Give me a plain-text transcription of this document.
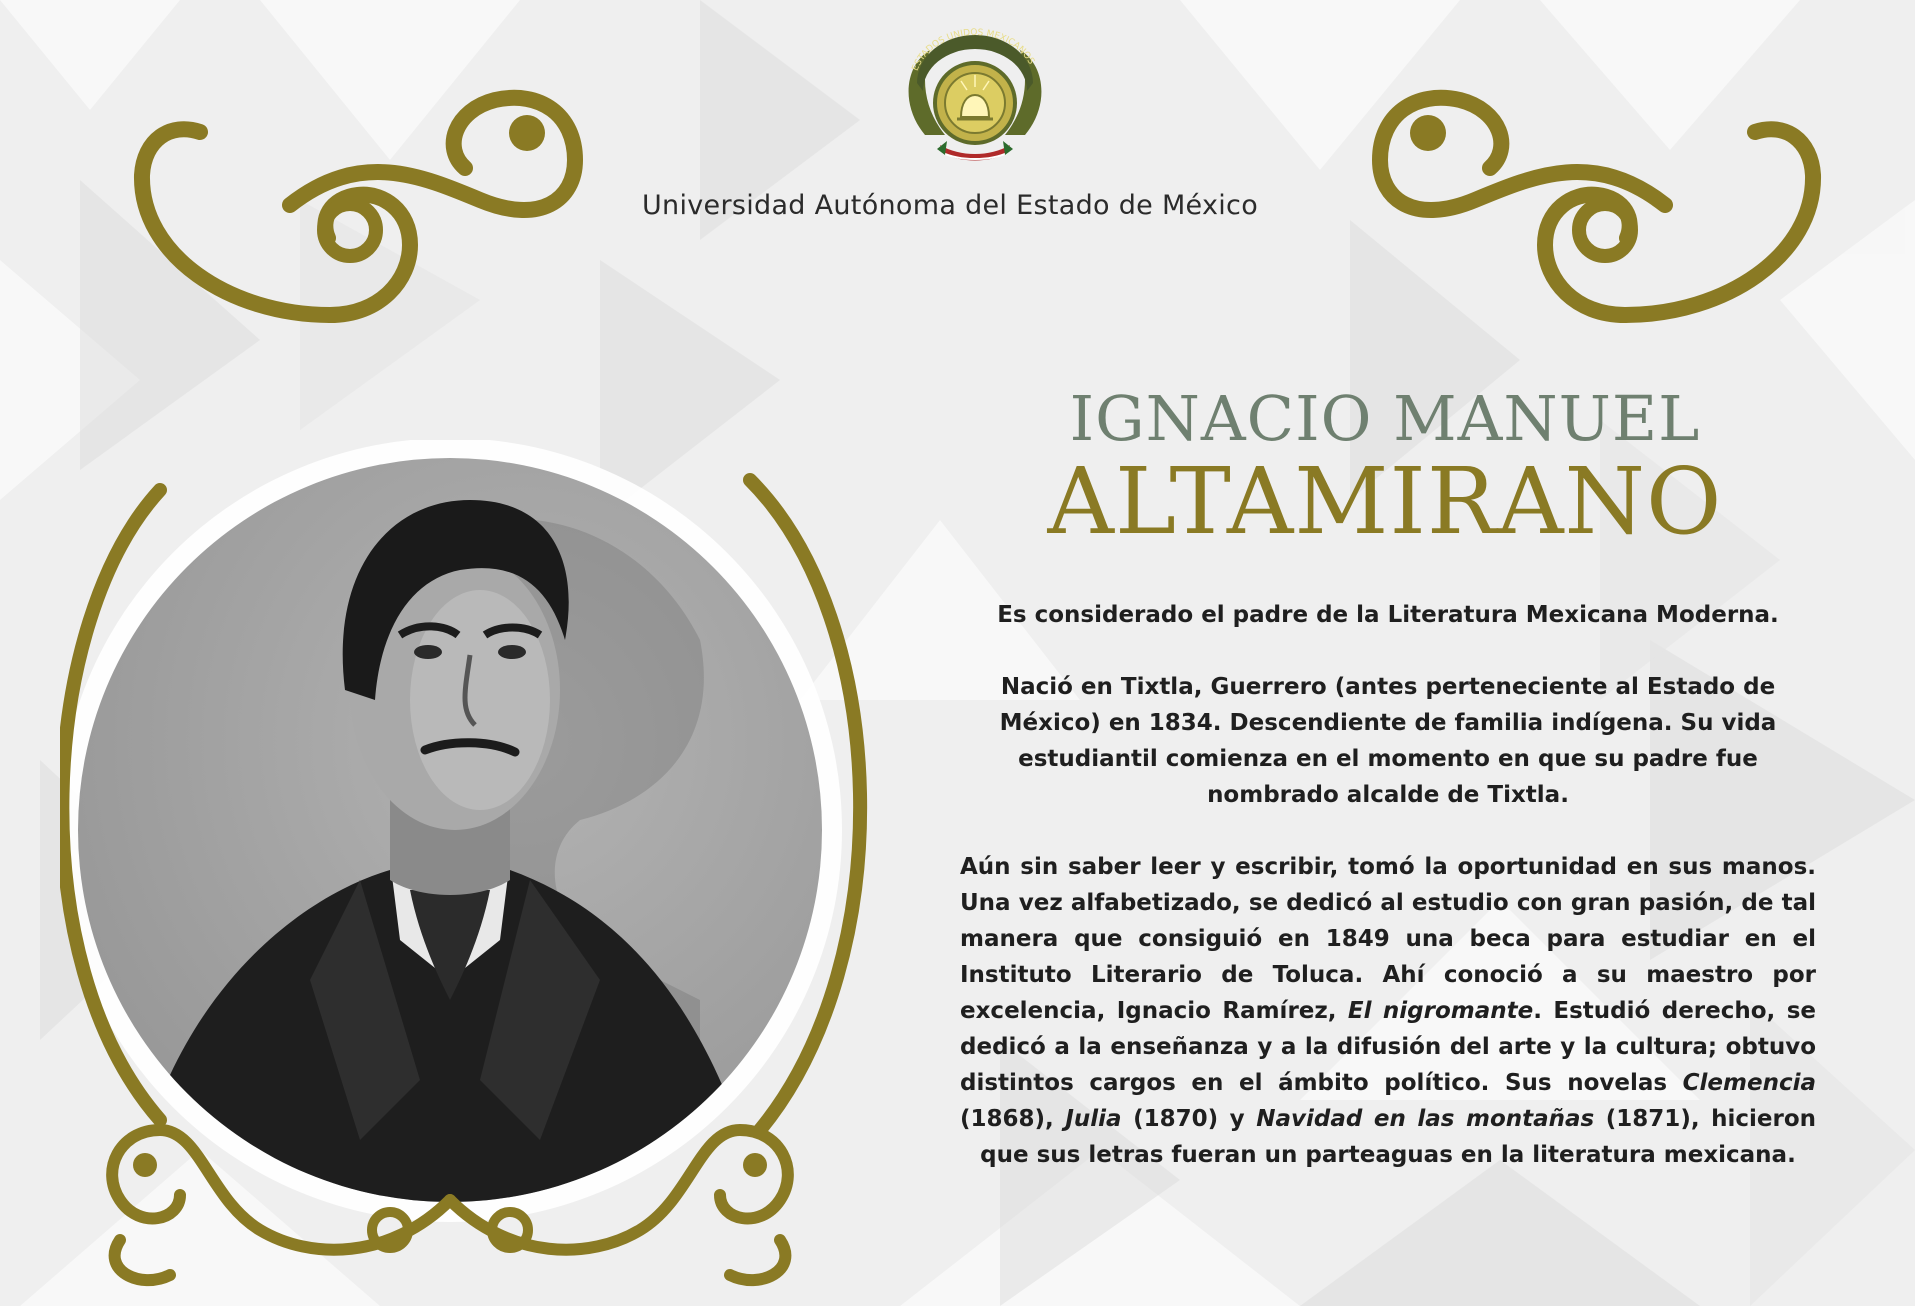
ESTADOS UNIDOS MEXICANOS
Universidad Autónoma del Estado de México
IGNACIO MANUEL
ALTAMIRANO

Es considerado el padre de la Literatura Mexicana Moderna.

Nació en Tixtla, Guerrero (antes perteneciente al Estado de México) en 1834. Descendiente de familia indígena. Su vida estudiantil comienza en el momento en que su padre fue nombrado alcalde de Tixtla.

Aún sin saber leer y escribir, tomó la oportunidad en sus manos. Una vez alfabetizado, se dedicó al estudio con gran pasión, de tal manera que consiguió en 1849 una beca para estudiar en el Instituto Literario de Toluca. Ahí conoció a su maestro por excelencia, Ignacio Ramírez, El nigromante. Estudió derecho, se dedicó a la enseñanza y a la difusión del arte y la cultura; obtuvo distintos cargos en el ámbito político. Sus novelas Clemencia (1868), Julia (1870) y Navidad en las montañas (1871), hicieron que sus letras fueran un parteaguas en la literatura mexicana.
